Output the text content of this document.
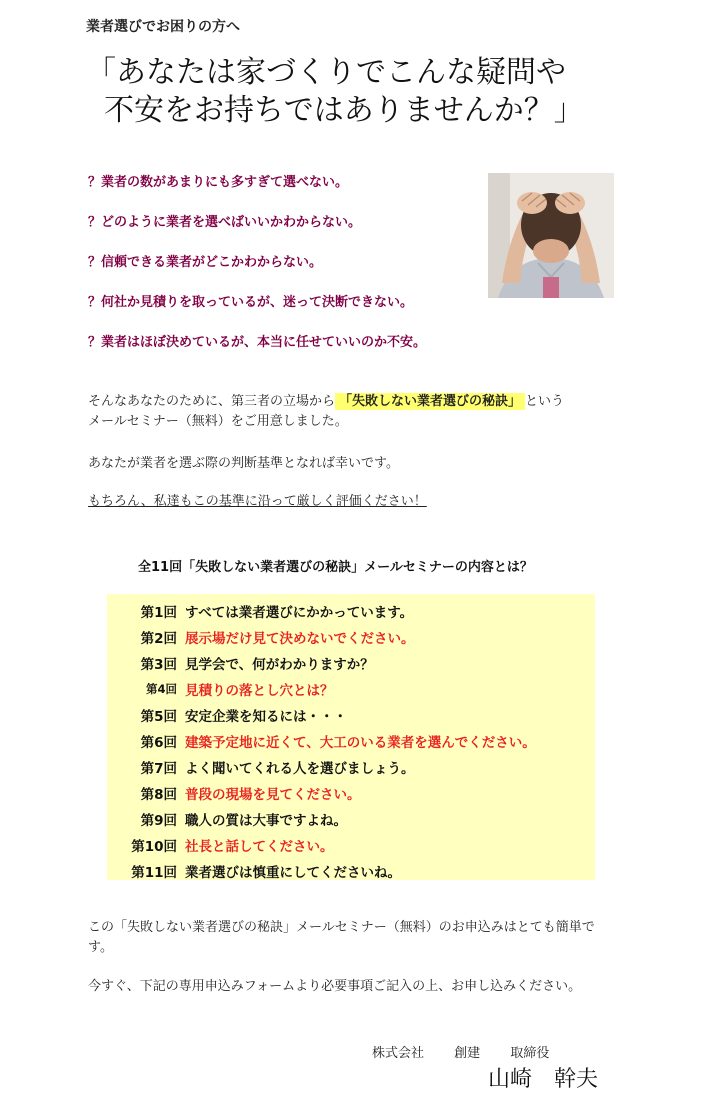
業者選びでお困りの方へ
「あなたは家づくりでこんな疑問や
不安をお持ちではありませんか？」
？業者の数があまりにも多すぎて選べない。
？どのように業者を選べばいいかわからない。
？信頼できる業者がどこかわからない。
？何社か見積りを取っているが、迷って決断できない。
？業者はほぼ決めているが、本当に任せていいのか不安。
そんなあなたのために、第三者の立場から 「失敗しない業者選びの秘訣」 という
メールセミナー（無料）をご用意しました。
あなたが業者を選ぶ際の判断基準となれば幸いです。
もちろん、私達もこの基準に沿って厳しく評価ください！
全11回「失敗しない業者選びの秘訣」メールセミナーの内容とは？
第1回 すべては業者選びにかかっています。
第2回 展示場だけ見て決めないでください。
第3回 見学会で、何がわかりますか？
第4回 見積りの落とし穴とは？
第5回 安定企業を知るには・・・
第6回 建築予定地に近くて、大工のいる業者を選んでください。
第7回 よく聞いてくれる人を選びましょう。
第8回 普段の現場を見てください。
第9回 職人の質は大事ですよね。
第10回 社長と話してください。
第11回 業者選びは慎重にしてくださいね。
この「失敗しない業者選びの秘訣」メールセミナー（無料）のお申込みはとても簡単です。
今すぐ、下記の専用申込みフォームより必要事項ご記入の上、お申し込みください。
株式会社 創建 取締役
山崎　幹夫
